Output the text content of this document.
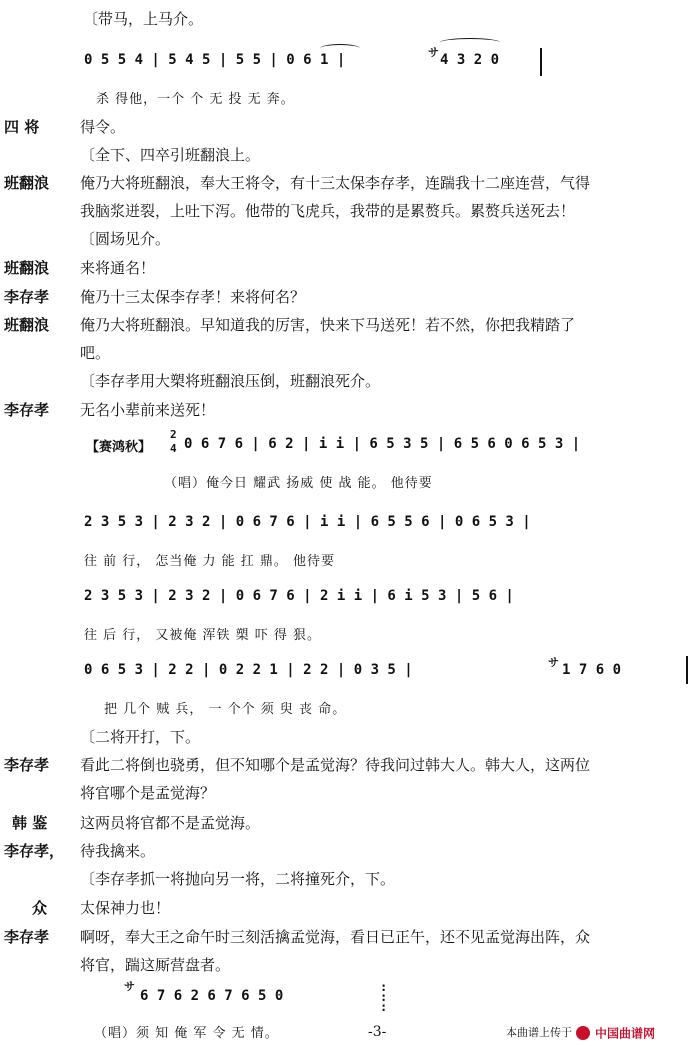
〔带马，上马介。
0 5 5 4 | 5 4 5 | 5 5 | 0 6 1 |	サ 4 3 2 0
杀 得他，一个 个 无 投 无 奔。
四 将	得令。
〔全下、四卒引班翻浪上。
班翻浪 俺乃大将班翻浪，奉大王将令，有十三太保李存孝，连踹我十二座连营，气得
我脑浆迸裂，上吐下泻。他带的飞虎兵，我带的是累赘兵。累赘兵送死去！
〔圆场见介。
班翻浪 来将通名！
李存孝 俺乃十三太保李存孝！来将何名？
班翻浪 俺乃大将班翻浪。早知道我的厉害，快来下马送死！若不然，你把我精踏了
吧。
〔李存孝用大槊将班翻浪压倒，班翻浪死介。
李存孝 无名小辈前来送死！
【赛鸿秋】
2
4 0 6 7 6 | 6 2 | i i | 6 5 3 5 | 6 5 6 0 6 5 3 |
（唱）俺今日 耀武 扬威 使 战 能。 他待要
2 3 5 3 | 2 3 2 | 0 6 7 6 | i i | 6 5 5 6 | 0 6 5 3 |
往 前 行， 怎当俺 力 能 扛 鼎。 他待要
2 3 5 3 | 2 3 2 | 0 6 7 6 | 2 i i | 6 i 5 3 | 5 6 |
往 后 行， 又被俺 浑铁 槊 吓 得 狠。
0 6 5 3 | 2 2 | 0 2 2 1 | 2 2 | 0 3 5 |	サ 1 7 6 0
把 几个 贼 兵， 一 个个 须 臾 丧 命。
〔二将开打，下。
李存孝 看此二将倒也骁勇，但不知哪个是孟觉海？待我问过韩大人。韩大人，这两位
将官哪个是孟觉海？
韩 鉴 这两员将官都不是孟觉海。
李存孝， 待我擒来。
〔李存孝抓一将抛向另一将，二将撞死介，下。
众 太保神力也！
李存孝 啊呀，奉大王之命午时三刻活擒孟觉海，看日已正午，还不见孟觉海出阵，众
将官，踹这厮营盘者。
サ
6 7 6 2 6 7 6 5 0
:
:
:
（唱）须 知 俺 军 令 无 情。	-3-	本曲谱上传于 中国曲谱网
